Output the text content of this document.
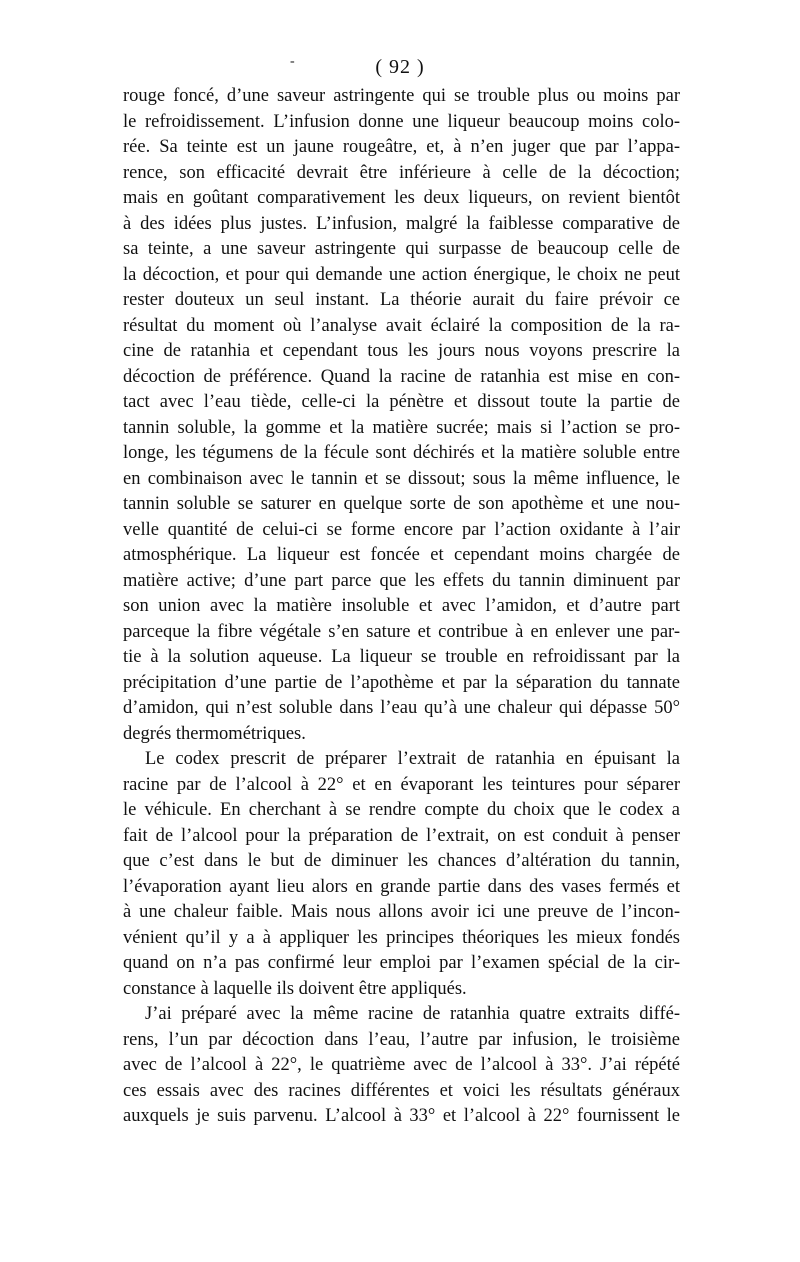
-	( 92 )
rouge foncé, d’une saveur astringente qui se trouble plus ou moins par
le refroidissement. L’infusion donne une liqueur beaucoup moins colo-
rée. Sa teinte est un jaune rougeâtre, et, à n’en juger que par l’appa-
rence, son efficacité devrait être inférieure à celle de la décoction;
mais en goûtant comparativement les deux liqueurs, on revient bientôt
à des idées plus justes. L’infusion, malgré la faiblesse comparative de
sa teinte, a une saveur astringente qui surpasse de beaucoup celle de
la décoction, et pour qui demande une action énergique, le choix ne peut
rester douteux un seul instant. La théorie aurait du faire prévoir ce
résultat du moment où l’analyse avait éclairé la composition de la ra-
cine de ratanhia et cependant tous les jours nous voyons prescrire la
décoction de préférence. Quand la racine de ratanhia est mise en con-
tact avec l’eau tiède, celle-ci la pénètre et dissout toute la partie de
tannin soluble, la gomme et la matière sucrée; mais si l’action se pro-
longe, les tégumens de la fécule sont déchirés et la matière soluble entre
en combinaison avec le tannin et se dissout; sous la même influence, le
tannin soluble se saturer en quelque sorte de son apothème et une nou-
velle quantité de celui-ci se forme encore par l’action oxidante à l’air
atmosphérique. La liqueur est foncée et cependant moins chargée de
matière active; d’une part parce que les effets du tannin diminuent par
son union avec la matière insoluble et avec l’amidon, et d’autre part
parceque la fibre végétale s’en sature et contribue à en enlever une par-
tie à la solution aqueuse. La liqueur se trouble en refroidissant par la
précipitation d’une partie de l’apothème et par la séparation du tannate
d’amidon, qui n’est soluble dans l’eau qu’à une chaleur qui dépasse 50°
degrés thermométriques.
Le codex prescrit de préparer l’extrait de ratanhia en épuisant la
racine par de l’alcool à 22° et en évaporant les teintures pour séparer
le véhicule. En cherchant à se rendre compte du choix que le codex a
fait de l’alcool pour la préparation de l’extrait, on est conduit à penser
que c’est dans le but de diminuer les chances d’altération du tannin,
l’évaporation ayant lieu alors en grande partie dans des vases fermés et
à une chaleur faible. Mais nous allons avoir ici une preuve de l’incon-
vénient qu’il y a à appliquer les principes théoriques les mieux fondés
quand on n’a pas confirmé leur emploi par l’examen spécial de la cir-
constance à laquelle ils doivent être appliqués.
J’ai préparé avec la même racine de ratanhia quatre extraits diffé-
rens, l’un par décoction dans l’eau, l’autre par infusion, le troisième
avec de l’alcool à 22°, le quatrième avec de l’alcool à 33°. J’ai répété
ces essais avec des racines différentes et voici les résultats généraux
auxquels je suis parvenu. L’alcool à 33° et l’alcool à 22° fournissent le
